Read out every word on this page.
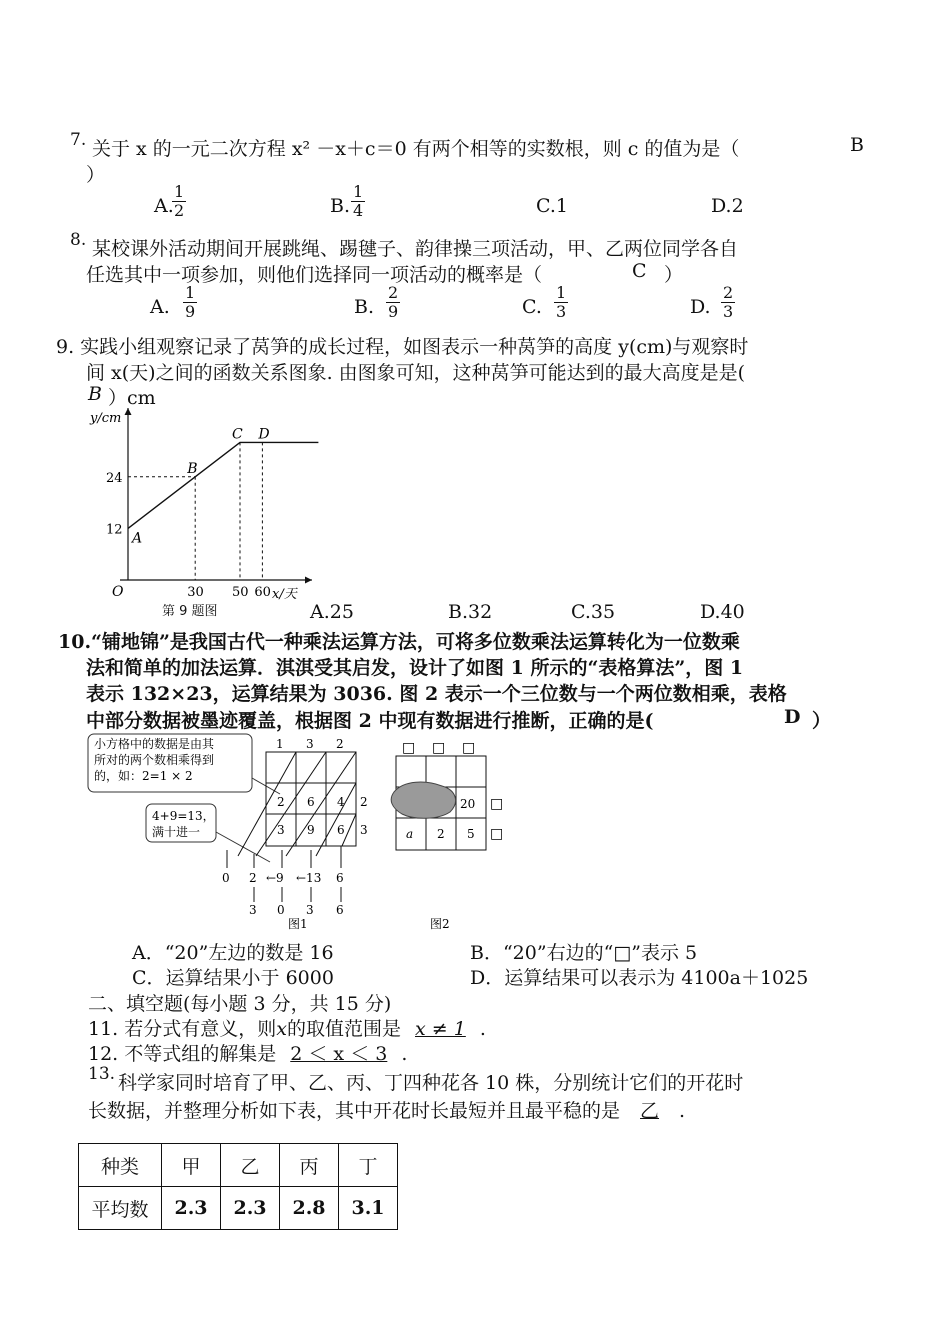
7. 关于 x 的一元二次方程 x² －x＋c＝0 有两个相等的实数根，则 c 的值为是（	B
）
A.
$\frac{1}{2}$	B. $\frac{1}{4}$	C.1	D.2
8. 某校课外活动期间开展跳绳、踢毽子、韵律操三项活动，甲、乙两位同学各自
任选其中一项参加，则他们选择同一项活动的概率是（	C ）
A. $\frac{1}{9}$	B. $\frac{2}{9}$	C. $\frac{1}{3}$	D. $\frac{2}{3}$
9. 实践小组观察记录了莴笋的成长过程，如图表示一种莴笋的高度 y(cm)与观察时
间 x(天)之间的函数关系图象. 由图象可知，这种莴笋可能达到的最大高度是是(
B ）cm
30 50 60
12
24
A
B
C D
y/cm
x/天
O
第 9 题图	A.25	B.32	C.35	D.40
10.“铺地锦”是我国古代一种乘法运算方法，可将多位数乘法运算转化为一位数乘
法和简单的加法运算．淇淇受其启发，设计了如图 1 所示的“表格算法”，图 1
表示 132×23，运算结果为 3036. 图 2 表示一个三位数与一个两位数相乘，表格
中部分数据被墨迹覆盖，根据图 2 中现有数据进行推断，正确的是(	D ）
小方格中的数据是由其
所对的两个数相乘得到
的，如：2=1 × 2
4+9=13，
满十进一
1 3 2
2
3
2 6 4
3 9 6
0 2 ←9 ←13 6
3 0 3 6
图1
□ □ □
20 □
□
a 2 5
图2
A．“20”左边的数是 16	B．“20”右边的“□”表示 5
C．运算结果小于 6000	D．运算结果可以表示为 4100a＋1025
二、填空题(每小题 3 分，共 15 分)
11. 若分式有意义，则x的取值范围是 x ≠ 1 .
12. 不等式组的解集是 2 ＜ x ＜ 3 .
13. 科学家同时培育了甲、乙、丙、丁四种花各 10 株，分别统计它们的开花时
长数据，并整理分析如下表，其中开花时长最短并且最平稳的是 乙 .
种类	甲	乙	丙	丁
平均数	2.3	2.3	2.8	3.1
